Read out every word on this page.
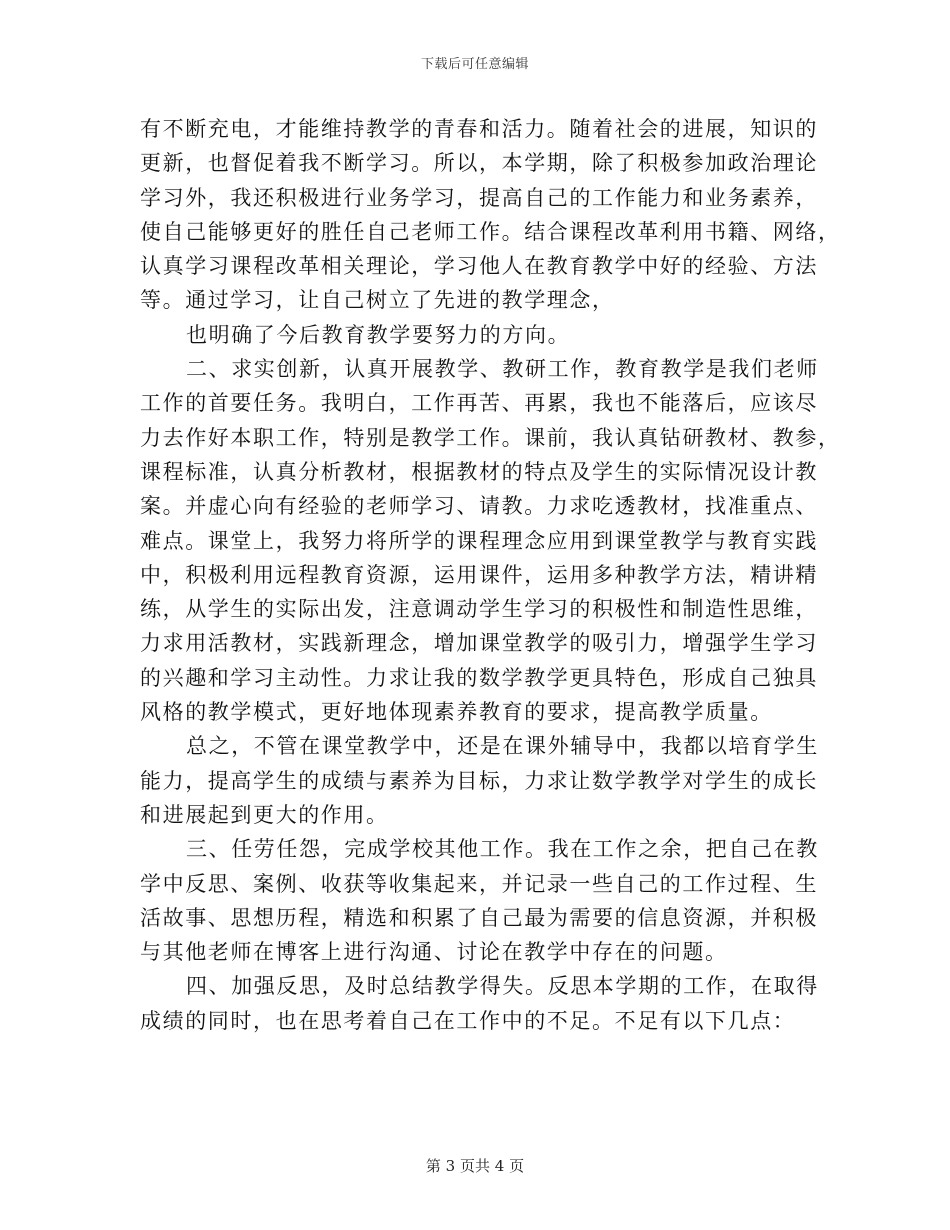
下载后可任意编辑
有不断充电，才能维持教学的青春和活力。随着社会的进展，知识的
更新，也督促着我不断学习。所以，本学期，除了积极参加政治理论
学习外，我还积极进行业务学习，提高自己的工作能力和业务素养，
使自己能够更好的胜任自己老师工作。结合课程改革利用书籍、网络，
认真学习课程改革相关理论，学习他人在教育教学中好的经验、方法
等。通过学习，让自己树立了先进的教学理念，
也明确了今后教育教学要努力的方向。
二、求实创新，认真开展教学、教研工作，教育教学是我们老师
工作的首要任务。我明白，工作再苦、再累，我也不能落后，应该尽
力去作好本职工作，特别是教学工作。课前，我认真钻研教材、教参，
课程标准，认真分析教材，根据教材的特点及学生的实际情况设计教
案。并虚心向有经验的老师学习、请教。力求吃透教材，找准重点、
难点。课堂上，我努力将所学的课程理念应用到课堂教学与教育实践
中，积极利用远程教育资源，运用课件，运用多种教学方法，精讲精
练，从学生的实际出发，注意调动学生学习的积极性和制造性思维，
力求用活教材，实践新理念，增加课堂教学的吸引力，增强学生学习
的兴趣和学习主动性。力求让我的数学教学更具特色，形成自己独具
风格的教学模式，更好地体现素养教育的要求，提高教学质量。
总之，不管在课堂教学中，还是在课外辅导中，我都以培育学生
能力，提高学生的成绩与素养为目标，力求让数学教学对学生的成长
和进展起到更大的作用。
三、任劳任怨，完成学校其他工作。我在工作之余，把自己在教
学中反思、案例、收获等收集起来，并记录一些自己的工作过程、生
活故事、思想历程，精选和积累了自己最为需要的信息资源，并积极
与其他老师在博客上进行沟通、讨论在教学中存在的问题。
四、加强反思，及时总结教学得失。反思本学期的工作，在取得
成绩的同时，也在思考着自己在工作中的不足。不足有以下几点：
第 3 页共 4 页
